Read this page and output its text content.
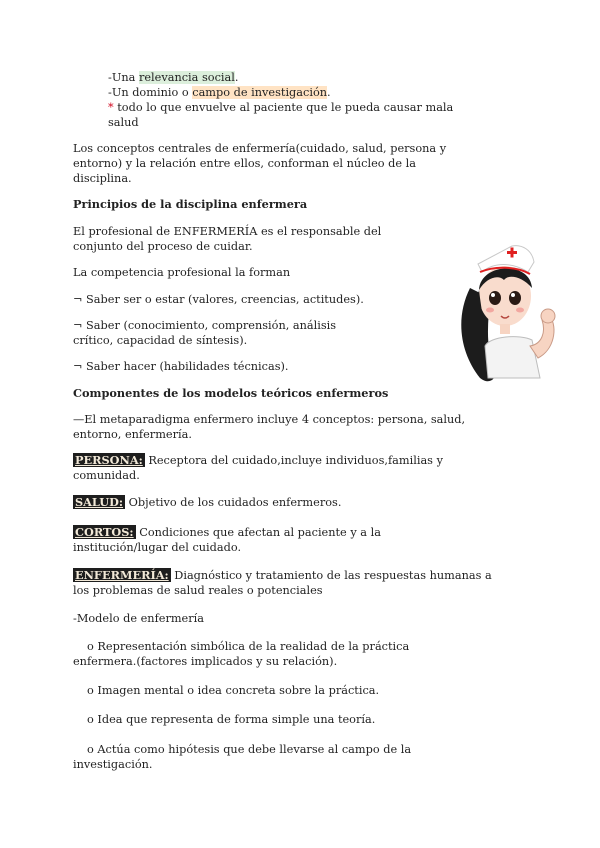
-Una relevancia social.
-Un dominio o campo de investigación.
* todo lo que envuelve al paciente que le pueda causar mala
salud
Los conceptos centrales de enfermería(cuidado, salud, persona y
entorno) y la relación entre ellos, conforman el núcleo de la
disciplina.
Principios de la disciplina enfermera
El profesional de ENFERMERÍA es el responsable del
conjunto del proceso de cuidar.
La competencia profesional la forman
¬ Saber ser o estar (valores, creencias, actitudes).
¬ Saber (conocimiento, comprensión, análisis
crítico, capacidad de síntesis).
¬ Saber hacer (habilidades técnicas).
Componentes de los modelos teóricos enfermeros
—El metaparadigma enfermero incluye 4 conceptos: persona, salud,
entorno, enfermería.
PERSONA: Receptora del cuidado,incluye individuos,familias y
comunidad.
SALUD: Objetivo de los cuidados enfermeros.
CORTOS: Condiciones que afectan al paciente y a la
institución/lugar del cuidado.
ENFERMERÍA: Diagnóstico y tratamiento de las respuestas humanas a
los problemas de salud reales o potenciales
-Modelo de enfermería
o Representación simbólica de la realidad de la práctica
enfermera.(factores implicados y su relación).
o Imagen mental o idea concreta sobre la práctica.
o Idea que representa de forma simple una teoría.
o Actúa como hipótesis que debe llevarse al campo de la
investigación.
